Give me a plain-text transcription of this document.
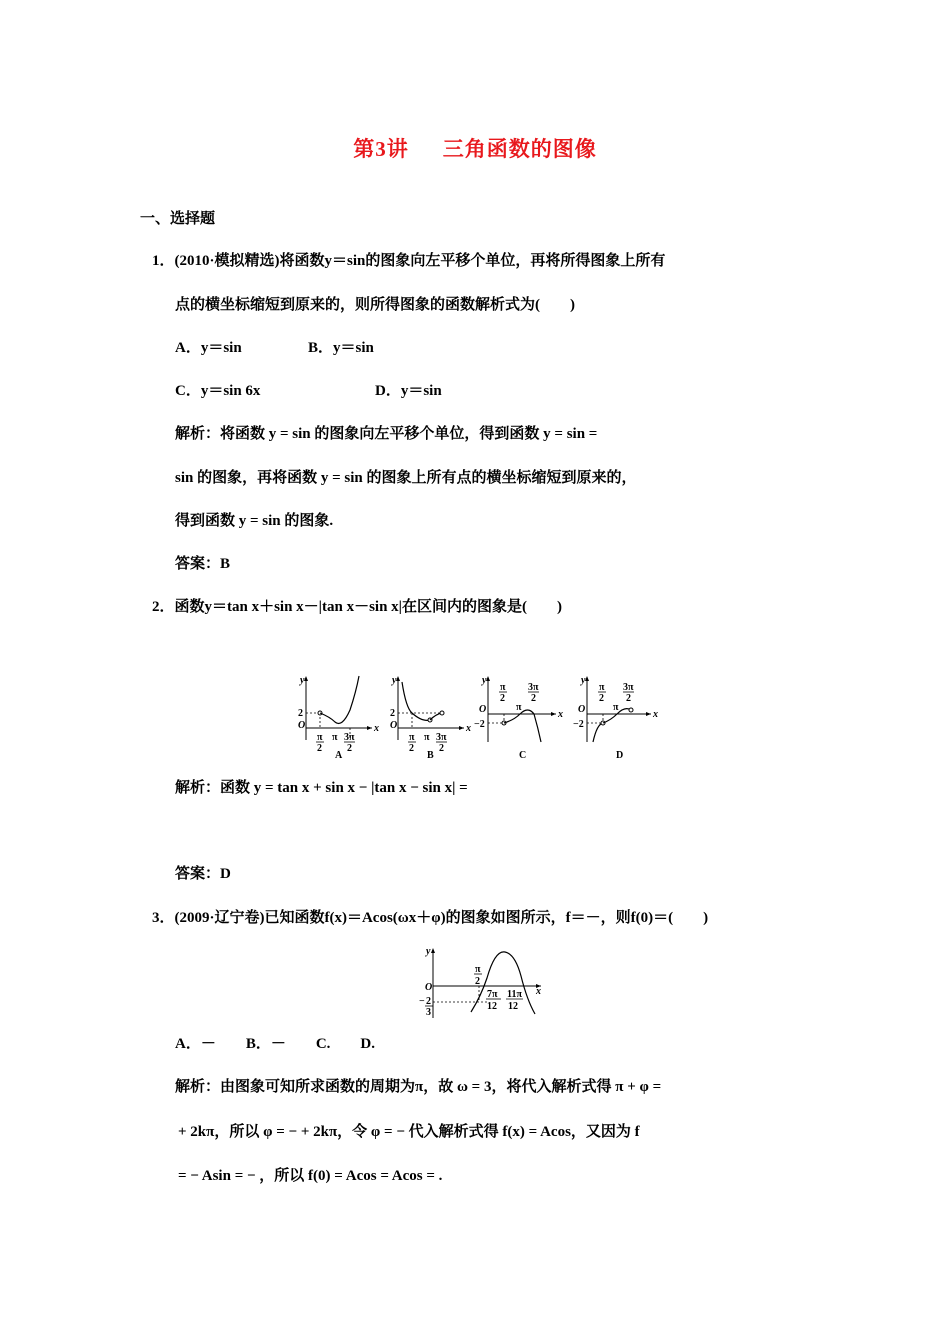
第3讲 三角函数的图像
一、选择题
1．(2010·模拟精选)将函数y＝sin的图象向左平移个单位，再将所得图象上所有
点的横坐标缩短到原来的，则所得图象的函数解析式为(　　)
A．y＝sin	B．y＝sin
C．y＝sin 6x	D．y＝sin
解析：将函数 y = sin 的图象向左平移个单位，得到函数 y = sin =
sin 的图象，再将函数 y = sin 的图象上所有点的横坐标缩短到原来的，
得到函数 y = sin 的图象.
答案：B
2．函数y＝tan x＋sin x－|tan x－sin x|在区间内的图象是(　　)
y
x
O
2
π
2
π 3π
2
A
y
x
O
2
π
2
π 3π
2
B
y
x
O
−2
π
2
π
3π
2
C
y
x
O
−2
π
2
π
3π
2
D
解析：函数 y = tan x + sin x − |tan x − sin x| =
答案：D
3．(2009·辽宁卷)已知函数f(x)＝Acos(ωx＋φ)的图象如图所示，f＝－，则f(0)＝(　　)
y
x
O
− 2
3
π
2
7π
12
11π
12
A．－　　B．－　　C.　　D.
解析：由图象可知所求函数的周期为π，故 ω = 3，将代入解析式得 π + φ =
+ 2kπ，所以 φ = − + 2kπ，令 φ = − 代入解析式得 f(x) = Acos，又因为 f
= − Asin = − ，所以 f(0) = Acos = Acos = .
